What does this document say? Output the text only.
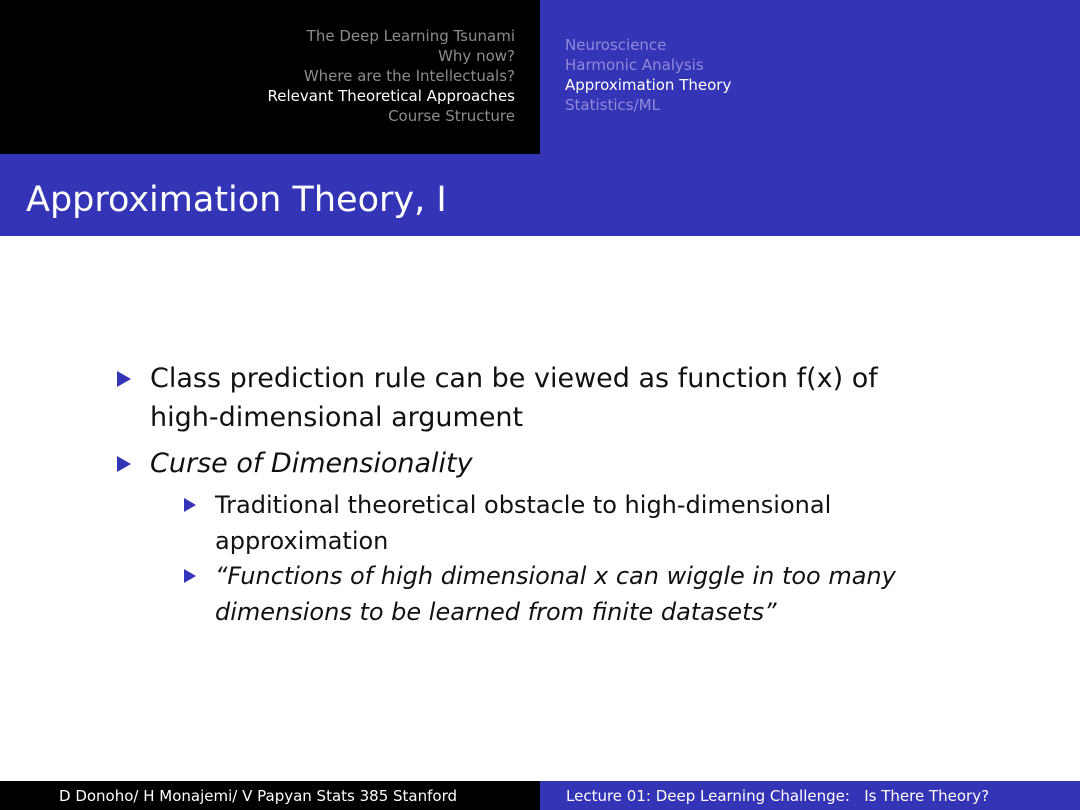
The Deep Learning Tsunami
Why now?
Where are the Intellectuals?
Relevant Theoretical Approaches
Course Structure
Neuroscience
Harmonic Analysis
Approximation Theory
Statistics/ML
Approximation Theory, I
Class prediction rule can be viewed as function f(x) of
high-dimensional argument
Curse of Dimensionality
Traditional theoretical obstacle to high-dimensional
approximation
“Functions of high dimensional x can wiggle in too many
dimensions to be learned from finite datasets”
D Donoho/ H Monajemi/ V Papyan Stats 385 Stanford	Lecture 01: Deep Learning Challenge:   Is There Theory?
